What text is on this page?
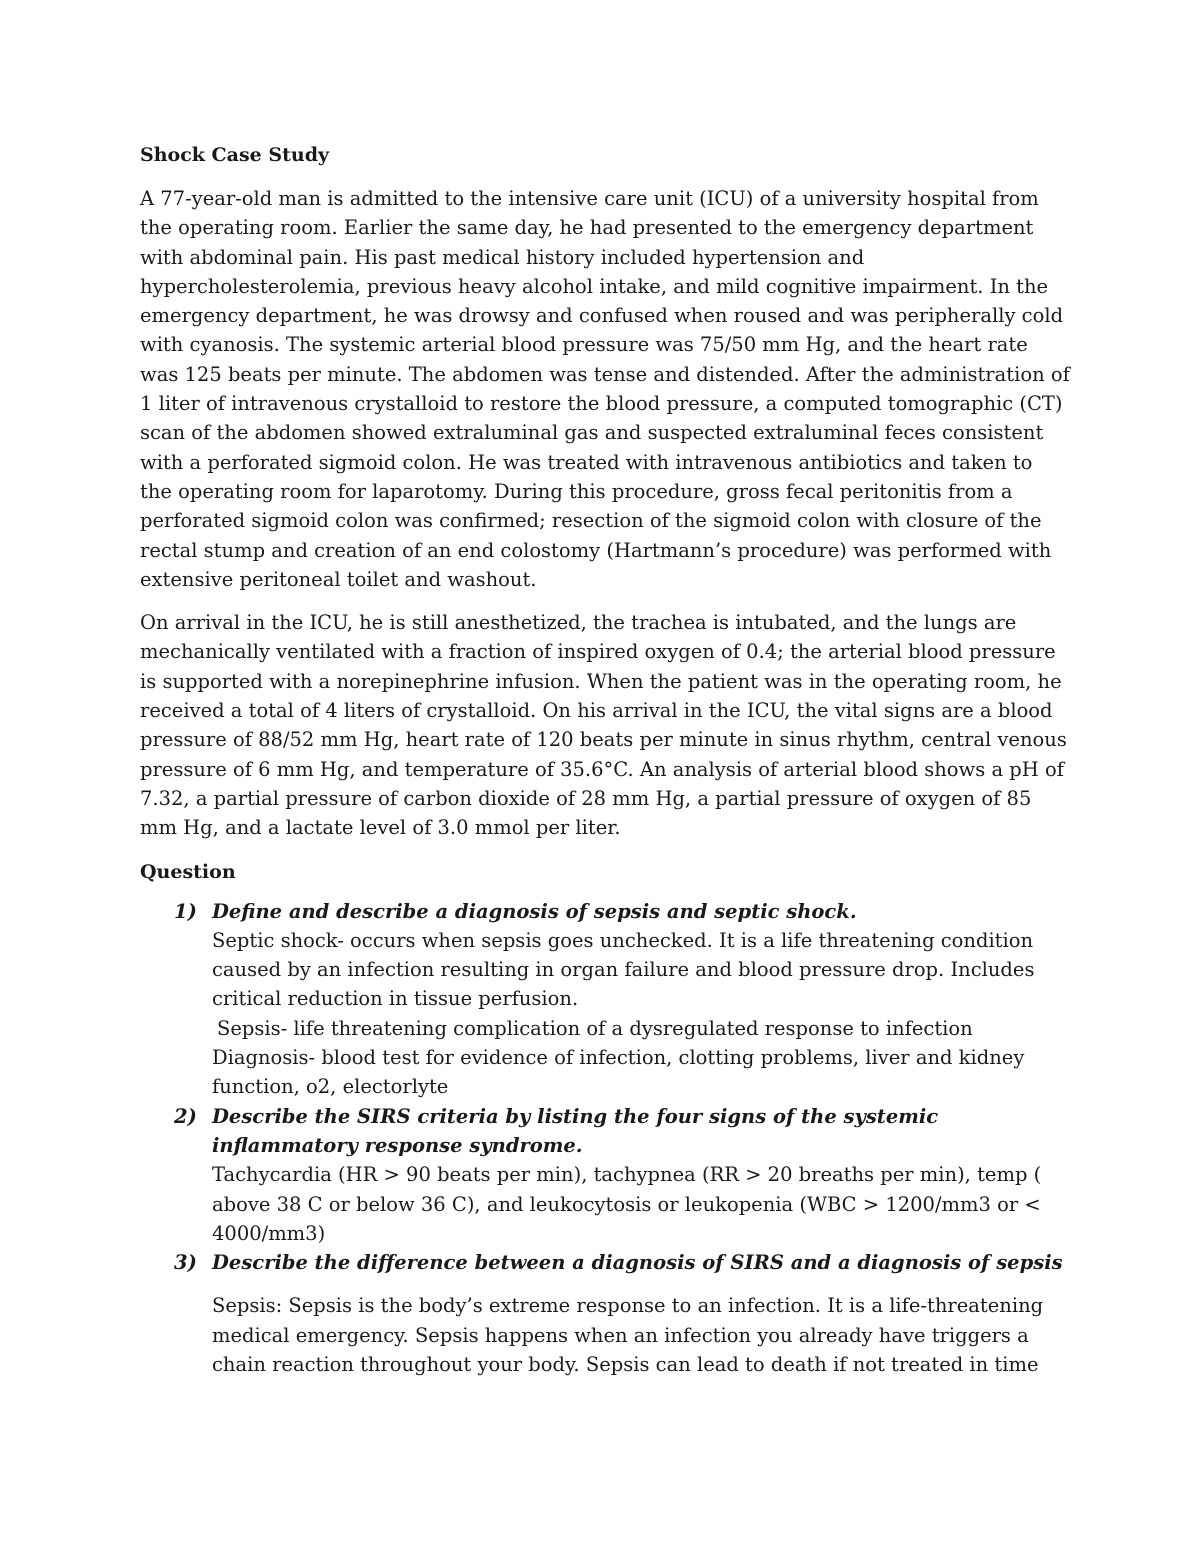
Shock Case Study

A 77-year-old man is admitted to the intensive care unit (ICU) of a university hospital from the operating room. Earlier the same day, he had presented to the emergency department with abdominal pain. His past medical history included hypertension and hypercholesterolemia, previous heavy alcohol intake, and mild cognitive impairment. In the emergency department, he was drowsy and confused when roused and was peripherally cold with cyanosis. The systemic arterial blood pressure was 75/50 mm Hg, and the heart rate was 125 beats per minute. The abdomen was tense and distended. After the administration of 1 liter of intravenous crystalloid to restore the blood pressure, a computed tomographic (CT) scan of the abdomen showed extraluminal gas and suspected extraluminal feces consistent with a perforated sigmoid colon. He was treated with intravenous antibiotics and taken to the operating room for laparotomy. During this procedure, gross fecal peritonitis from a perforated sigmoid colon was confirmed; resection of the sigmoid colon with closure of the rectal stump and creation of an end colostomy (Hartmann’s procedure) was performed with extensive peritoneal toilet and washout.

On arrival in the ICU, he is still anesthetized, the trachea is intubated, and the lungs are mechanically ventilated with a fraction of inspired oxygen of 0.4; the arterial blood pressure is supported with a norepinephrine infusion. When the patient was in the operating room, he received a total of 4 liters of crystalloid. On his arrival in the ICU, the vital signs are a blood pressure of 88/52 mm Hg, heart rate of 120 beats per minute in sinus rhythm, central venous pressure of 6 mm Hg, and temperature of 35.6°C. An analysis of arterial blood shows a pH of 7.32, a partial pressure of carbon dioxide of 28 mm Hg, a partial pressure of oxygen of 85 mm Hg, and a lactate level of 3.0 mmol per liter.

Question
1) Define and describe a diagnosis of sepsis and septic shock.
Septic shock- occurs when sepsis goes unchecked. It is a life threatening condition caused by an infection resulting in organ failure and blood pressure drop. Includes critical reduction in tissue perfusion.
Sepsis- life threatening complication of a dysregulated response to infection
Diagnosis- blood test for evidence of infection, clotting problems, liver and kidney function, o2, electorlyte
2) Describe the SIRS criteria by listing the four signs of the systemic inflammatory response syndrome.
Tachycardia (HR > 90 beats per min), tachypnea (RR > 20 breaths per min), temp ( above 38 C or below 36 C), and leukocytosis or leukopenia (WBC > 1200/mm3 or < 4000/mm3)
3) Describe the difference between a diagnosis of SIRS and a diagnosis of sepsis
Sepsis: Sepsis is the body’s extreme response to an infection. It is a life-threatening medical emergency. Sepsis happens when an infection you already have triggers a chain reaction throughout your body. Sepsis can lead to death if not treated in time
